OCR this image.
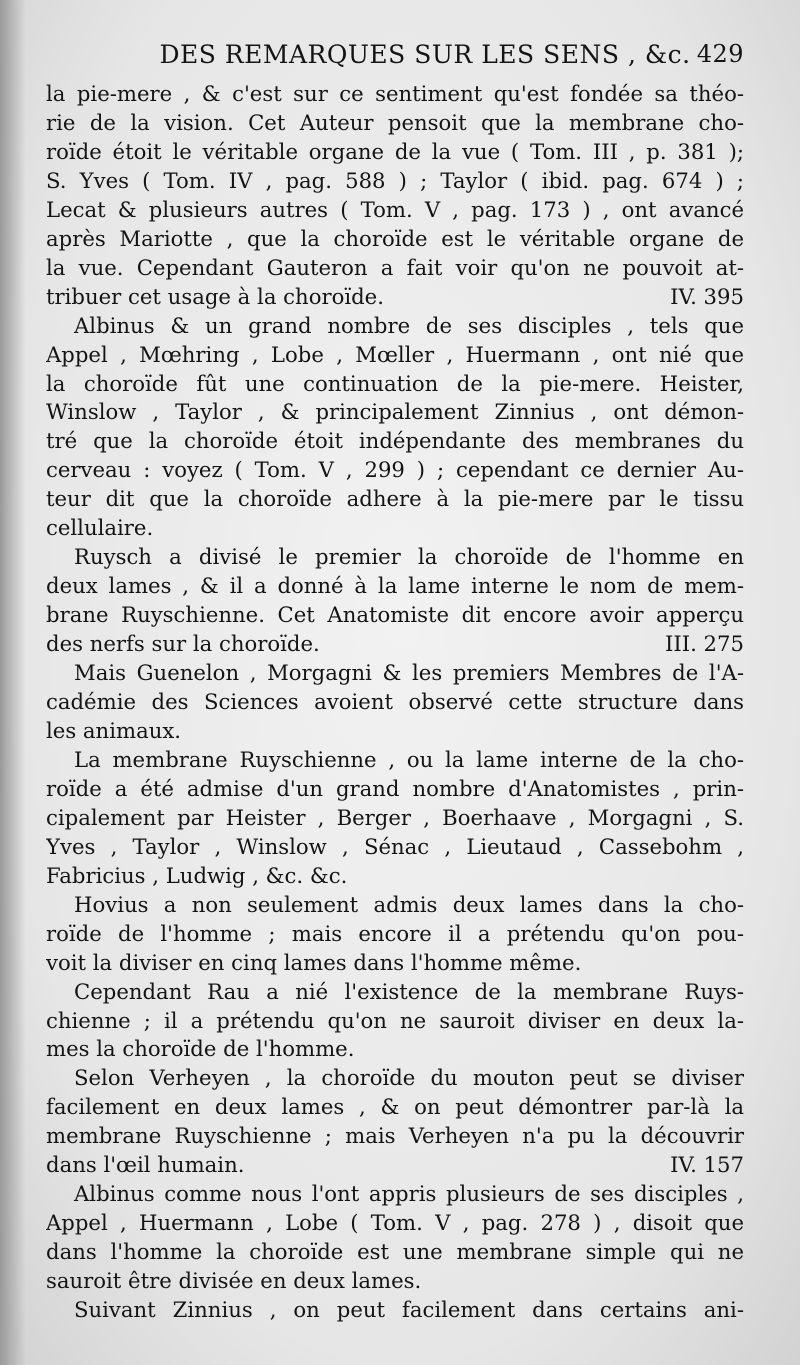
DES REMARQUES SUR LES SENS , &c. 429
la pie-mere , & c'est sur ce sentiment qu'est fondée sa théo-
rie de la vision. Cet Auteur pensoit que la membrane cho-
roïde étoit le véritable organe de la vue ( Tom. III , p. 381 );
S. Yves ( Tom. IV , pag. 588 ) ; Taylor ( ibid. pag. 674 ) ;
Lecat & plusieurs autres ( Tom. V , pag. 173 ) , ont avancé
après Mariotte , que la choroïde est le véritable organe de
la vue. Cependant Gauteron a fait voir qu'on ne pouvoit at-
tribuer cet usage à la choroïde.	IV. 395
Albinus & un grand nombre de ses disciples , tels que
Appel , Mœhring , Lobe , Mœller , Huermann , ont nié que
la choroïde fût une continuation de la pie-mere. Heister,
Winslow , Taylor , & principalement Zinnius , ont démon-
tré que la choroïde étoit indépendante des membranes du
cerveau : voyez ( Tom. V , 299 ) ; cependant ce dernier Au-
teur dit que la choroïde adhere à la pie-mere par le tissu
cellulaire.
Ruysch a divisé le premier la choroïde de l'homme en
deux lames , & il a donné à la lame interne le nom de mem-
brane Ruyschienne. Cet Anatomiste dit encore avoir apperçu
des nerfs sur la choroïde.	III. 275
Mais Guenelon , Morgagni & les premiers Membres de l'A-
cadémie des Sciences avoient observé cette structure dans
les animaux.
La membrane Ruyschienne , ou la lame interne de la cho-
roïde a été admise d'un grand nombre d'Anatomistes , prin-
cipalement par Heister , Berger , Boerhaave , Morgagni , S.
Yves , Taylor , Winslow , Sénac , Lieutaud , Cassebohm ,
Fabricius , Ludwig , &c. &c.
Hovius a non seulement admis deux lames dans la cho-
roïde de l'homme ; mais encore il a prétendu qu'on pou-
voit la diviser en cinq lames dans l'homme même.
Cependant Rau a nié l'existence de la membrane Ruys-
chienne ; il a prétendu qu'on ne sauroit diviser en deux la-
mes la choroïde de l'homme.
Selon Verheyen , la choroïde du mouton peut se diviser
facilement en deux lames , & on peut démontrer par-là la
membrane Ruyschienne ; mais Verheyen n'a pu la découvrir
dans l'œil humain.	IV. 157
Albinus comme nous l'ont appris plusieurs de ses disciples ,
Appel , Huermann , Lobe ( Tom. V , pag. 278 ) , disoit que
dans l'homme la choroïde est une membrane simple qui ne
sauroit être divisée en deux lames.
Suivant Zinnius , on peut facilement dans certains ani-
